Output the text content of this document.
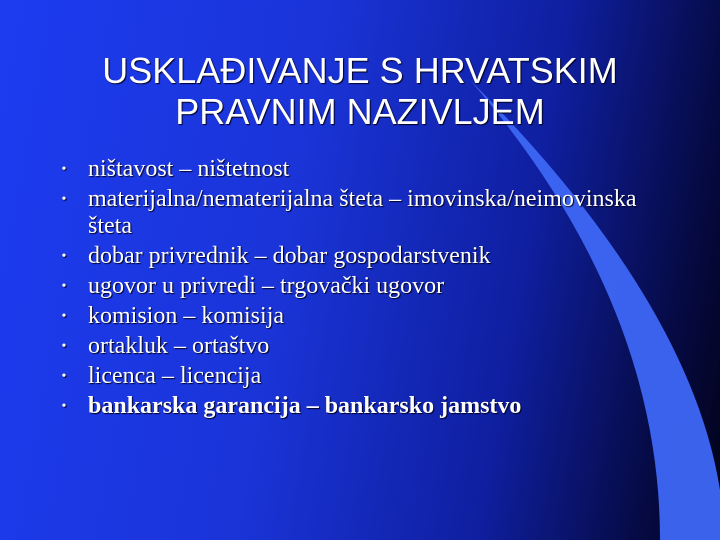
USKLAĐIVANJE S HRVATSKIM
PRAVNIM NAZIVLJEM
• ništavost – ništetnost
• materijalna/nematerijalna šteta – imovinska/neimovinska šteta
• dobar privrednik – dobar gospodarstvenik
• ugovor u privredi – trgovački ugovor
• komision – komisija
• ortakluk – ortaštvo
• licenca – licencija
• bankarska garancija – bankarsko jamstvo
